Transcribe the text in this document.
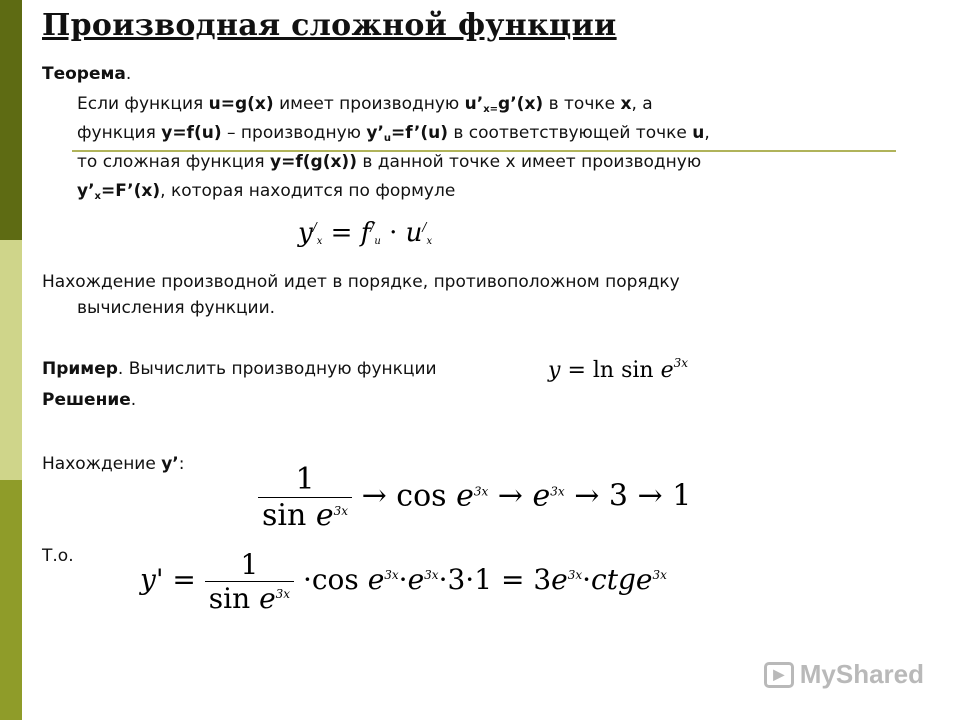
Производная сложной функции
Теорема.
Если функция u=g(x) имеет производную $u’_{x=}g’(x)$ в точке x, а
функция y=f(u) – производную $y’_u=f’(u)$ в соответствующей точке u,
то сложная функция y=f(g(x)) в данной точке x имеет производную
$y’_x=F’(x)$, которая находится по формуле
$y^/_x = f^/_u \cdot u^/_x$
Нахождение производной идет в порядке, противоположном порядку
вычисления функции.
Пример. Вычислить производную функции	$y = \ln \sin e^{3x}$
Решение.
Нахождение y’: $\frac{1}{\sin e^{3x}} \to \cos e^{3x} \to e^{3x} \to 3 \to 1$
Т.о.
$y' = \frac{1}{\sin e^{3x}} \cdot\cos$ $e^{3x}\cdot e^{3x}\cdot 3\cdot 1$ = $3e^{3x}\cdot ctge^{3x}$
▶ MyShared
